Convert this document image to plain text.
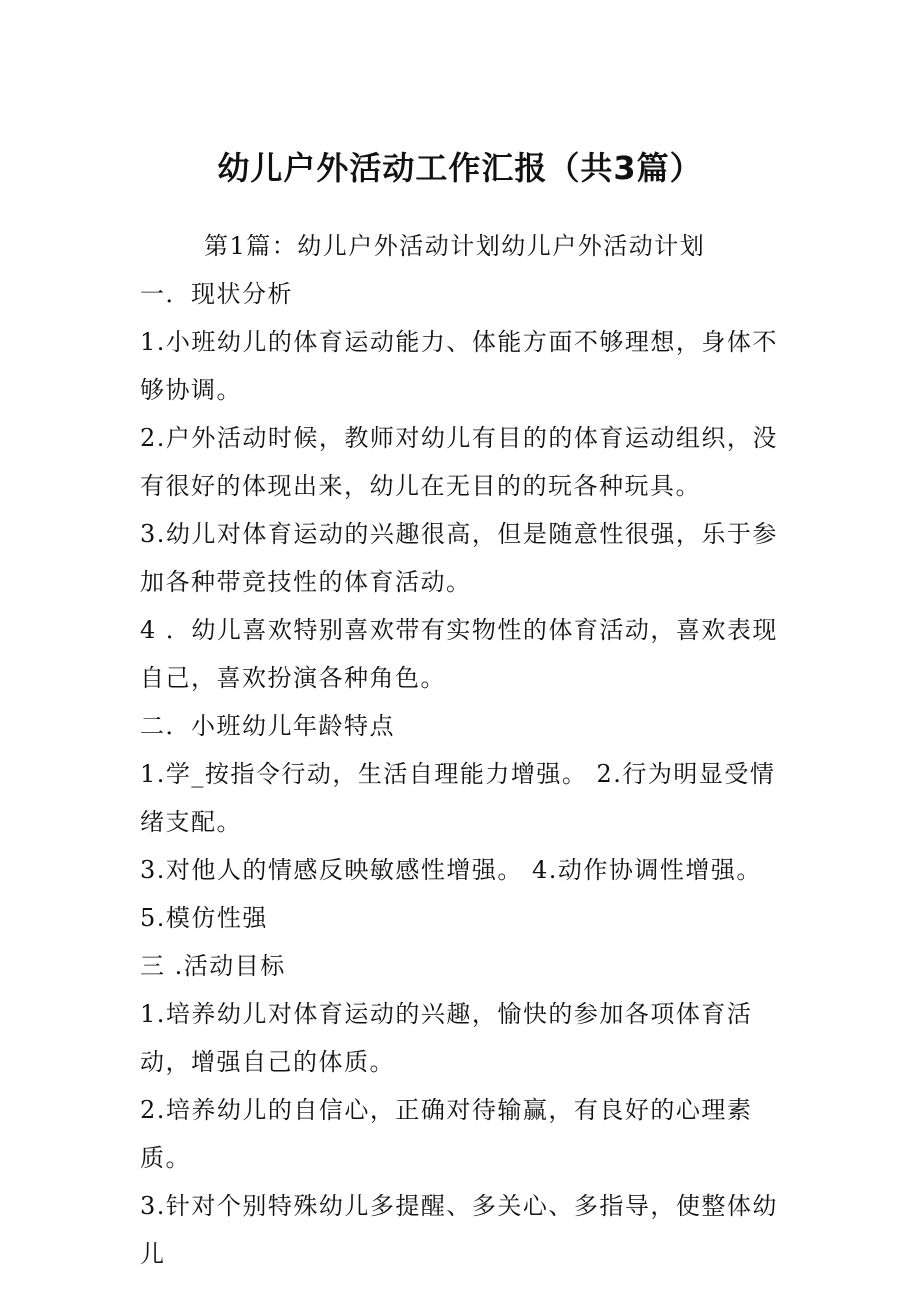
幼儿户外活动工作汇报（共3篇）

第1篇：幼儿户外活动计划幼儿户外活动计划

一．现状分析

1.小班幼儿的体育运动能力、体能方面不够理想，身体不够协调。

2.户外活动时候，教师对幼儿有目的的体育运动组织，没有很好的体现出来，幼儿在无目的的玩各种玩具。

3.幼儿对体育运动的兴趣很高，但是随意性很强，乐于参加各种带竞技性的体育活动。

4 ．幼儿喜欢特别喜欢带有实物性的体育活动，喜欢表现自己，喜欢扮演各种角色。

二．小班幼儿年龄特点

1.学_按指令行动，生活自理能力增强。 2.行为明显受情绪支配。

3.对他人的情感反映敏感性增强。 4.动作协调性增强。 5.模仿性强

三 .活动目标

1.培养幼儿对体育运动的兴趣，愉快的参加各项体育活动，增强自己的体质。

2.培养幼儿的自信心，正确对待输赢，有良好的心理素质。

3.针对个别特殊幼儿多提醒、多关心、多指导，使整体幼儿
